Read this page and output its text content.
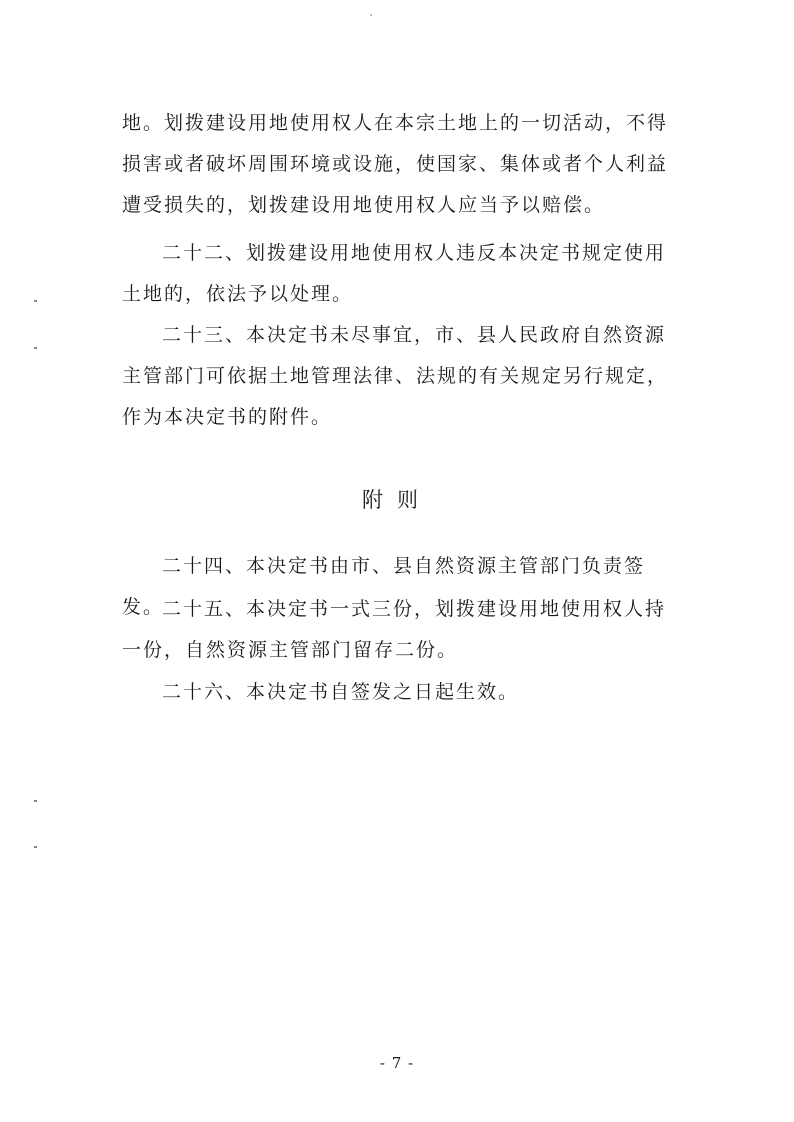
地。划拨建设用地使用权人在本宗土地上的一切活动，不得损害或者破坏周围环境或设施，使国家、集体或者个人利益遭受损失的，划拨建设用地使用权人应当予以赔偿。

二十二、划拨建设用地使用权人违反本决定书规定使用土地的，依法予以处理。

二十三、本决定书未尽事宜，市、县人民政府自然资源主管部门可依据土地管理法律、法规的有关规定另行规定，作为本决定书的附件。

附则

二十四、本决定书由市、县自然资源主管部门负责签发。

二十五、本决定书一式三份，划拨建设用地使用权人持一份，自然资源主管部门留存二份。

二十六、本决定书自签发之日起生效。

- 7 -
